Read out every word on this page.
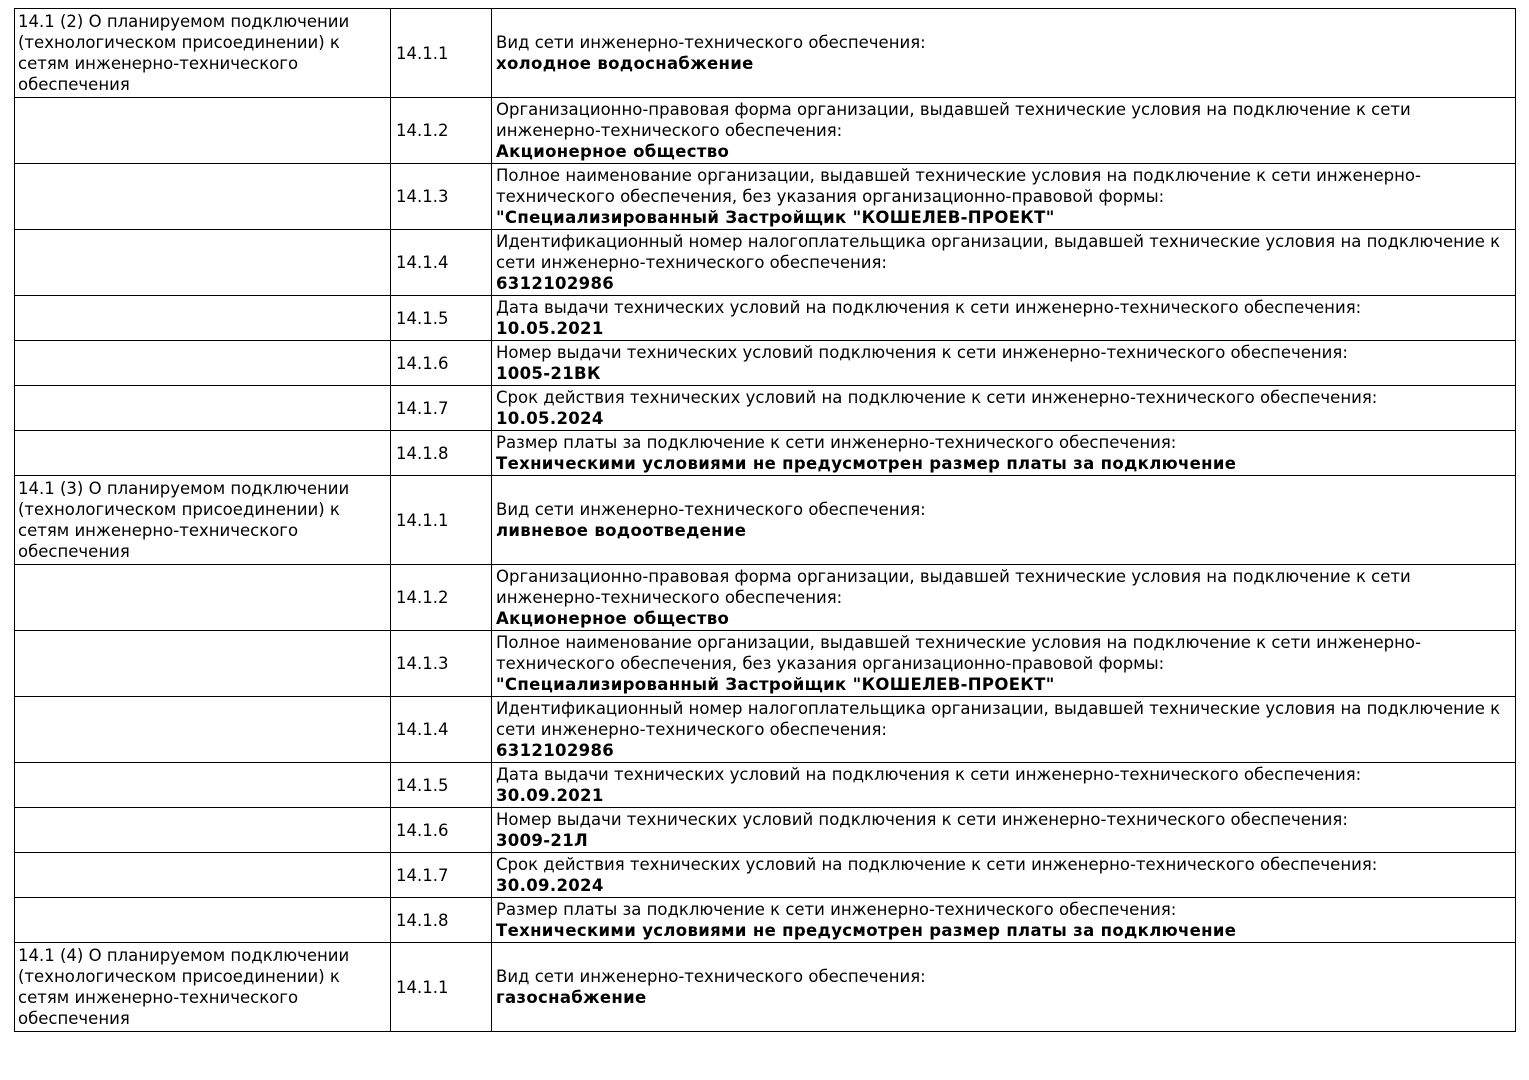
14.1 (2) О планируемом подключении (технологическом присоединении) к сетям инженерно-технического обеспечения	14.1.1	Вид сети инженерно-технического обеспечения:
холодное водоснабжение

	14.1.2	Организационно-правовая форма организации, выдавшей технические условия на подключение к сети инженерно-технического обеспечения:
Акционерное общество

	14.1.3	Полное наименование организации, выдавшей технические условия на подключение к сети инженерно-технического обеспечения, без указания организационно-правовой формы:
"Специализированный Застройщик "КОШЕЛЕВ-ПРОЕКТ"

	14.1.4	Идентификационный номер налогоплательщика организации, выдавшей технические условия на подключение к сети инженерно-технического обеспечения:
6312102986

	14.1.5	Дата выдачи технических условий на подключения к сети инженерно-технического обеспечения:
10.05.2021

	14.1.6	Номер выдачи технических условий подключения к сети инженерно-технического обеспечения:
1005-21ВК

	14.1.7	Срок действия технических условий на подключение к сети инженерно-технического обеспечения:
10.05.2024

	14.1.8	Размер платы за подключение к сети инженерно-технического обеспечения:
Техническими условиями не предусмотрен размер платы за подключение

14.1 (3) О планируемом подключении (технологическом присоединении) к сетям инженерно-технического обеспечения	14.1.1	Вид сети инженерно-технического обеспечения:
ливневое водоотведение

	14.1.2	Организационно-правовая форма организации, выдавшей технические условия на подключение к сети инженерно-технического обеспечения:
Акционерное общество

	14.1.3	Полное наименование организации, выдавшей технические условия на подключение к сети инженерно-технического обеспечения, без указания организационно-правовой формы:
"Специализированный Застройщик "КОШЕЛЕВ-ПРОЕКТ"

	14.1.4	Идентификационный номер налогоплательщика организации, выдавшей технические условия на подключение к сети инженерно-технического обеспечения:
6312102986

	14.1.5	Дата выдачи технических условий на подключения к сети инженерно-технического обеспечения:
30.09.2021

	14.1.6	Номер выдачи технических условий подключения к сети инженерно-технического обеспечения:
3009-21Л

	14.1.7	Срок действия технических условий на подключение к сети инженерно-технического обеспечения:
30.09.2024

	14.1.8	Размер платы за подключение к сети инженерно-технического обеспечения:
Техническими условиями не предусмотрен размер платы за подключение

14.1 (4) О планируемом подключении (технологическом присоединении) к сетям инженерно-технического обеспечения	14.1.1	Вид сети инженерно-технического обеспечения:
газоснабжение
